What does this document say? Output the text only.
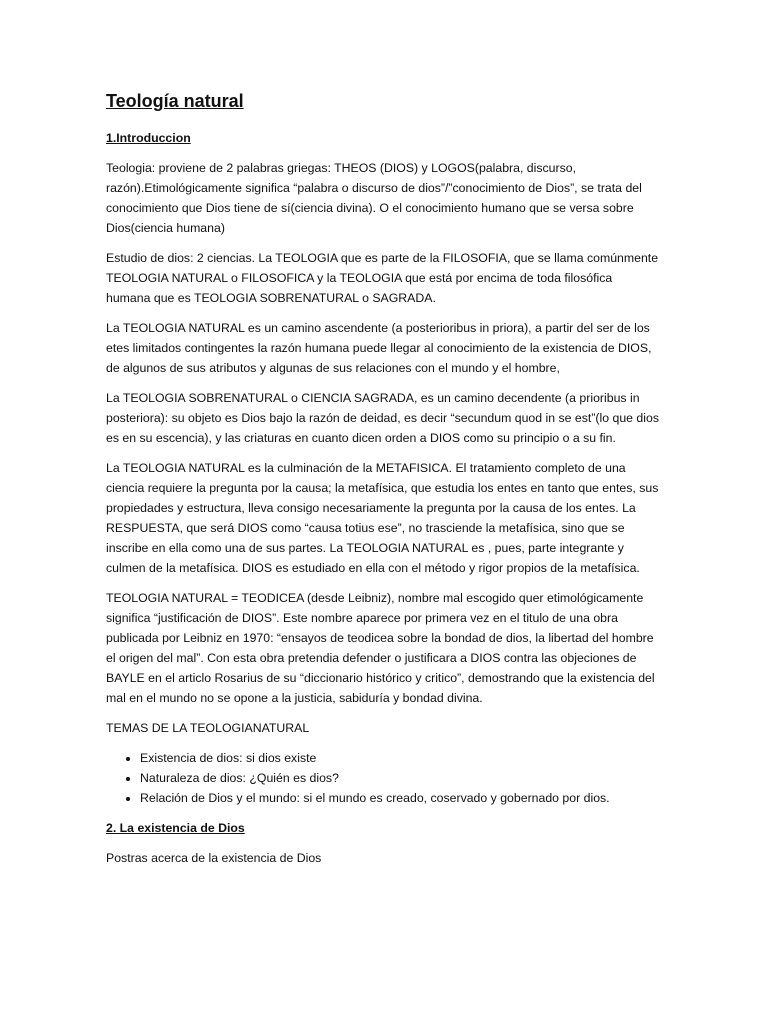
Teología natural
1.Introduccion

Teologia: proviene de 2 palabras griegas: THEOS (DIOS) y LOGOS(palabra, discurso, razón).Etimológicamente significa “palabra o discurso de dios”/”conocimiento de Dios”, se trata del conocimiento que Dios tiene de sí(ciencia divina). O el conocimiento humano que se versa sobre Dios(ciencia humana)

Estudio de dios: 2 ciencias. La TEOLOGIA que es parte de la FILOSOFIA, que se llama comúnmente TEOLOGIA NATURAL o FILOSOFICA y la TEOLOGIA que está por encima de toda filosófica humana que es TEOLOGIA SOBRENATURAL o SAGRADA.

La TEOLOGIA NATURAL es un camino ascendente (a posterioribus in priora), a partir del ser de los etes limitados contingentes la razón humana puede llegar al conocimiento de la existencia de DIOS, de algunos de sus atributos y algunas de sus relaciones con el mundo y el hombre,

La TEOLOGIA SOBRENATURAL o CIENCIA SAGRADA, es un camino decendente (a prioribus in posteriora): su objeto es Dios bajo la razón de deidad, es decir “secundum quod in se est”(lo que dios es en su escencia), y las criaturas en cuanto dicen orden a DIOS como su principio o a su fin.

La TEOLOGIA NATURAL es la culminación de la METAFISICA. El tratamiento completo de una ciencia requiere la pregunta por la causa; la metafísica, que estudia los entes en tanto que entes, sus propiedades y estructura, lleva consigo necesariamente la pregunta por la causa de los entes. La RESPUESTA, que será DIOS como “causa totius ese”, no trasciende la metafísica, sino que se inscribe en ella como una de sus partes. La TEOLOGIA NATURAL es , pues, parte integrante y culmen de la metafísica. DIOS es estudiado en ella con el método y rigor propios de la metafísica.

TEOLOGIA NATURAL = TEODICEA (desde Leibniz), nombre mal escogido quer etimológicamente significa “justificación de DIOS”. Este nombre aparece por primera vez en el titulo de una obra publicada por Leibniz en 1970: “ensayos de teodicea sobre la bondad de dios, la libertad del hombre el origen del mal”. Con esta obra pretendia defender o justificara a DIOS contra las objeciones de BAYLE en el articlo Rosarius de su “diccionario histórico y critico”, demostrando que la existencia del mal en el mundo no se opone a la justicia, sabiduría y bondad divina.

TEMAS DE LA TEOLOGIANATURAL

• Existencia de dios: si dios existe
• Naturaleza de dios: ¿Quién es dios?
• Relación de Dios y el mundo: si el mundo es creado, coservado y gobernado por dios.
2. La existencia de Dios

Postras acerca de la existencia de Dios
